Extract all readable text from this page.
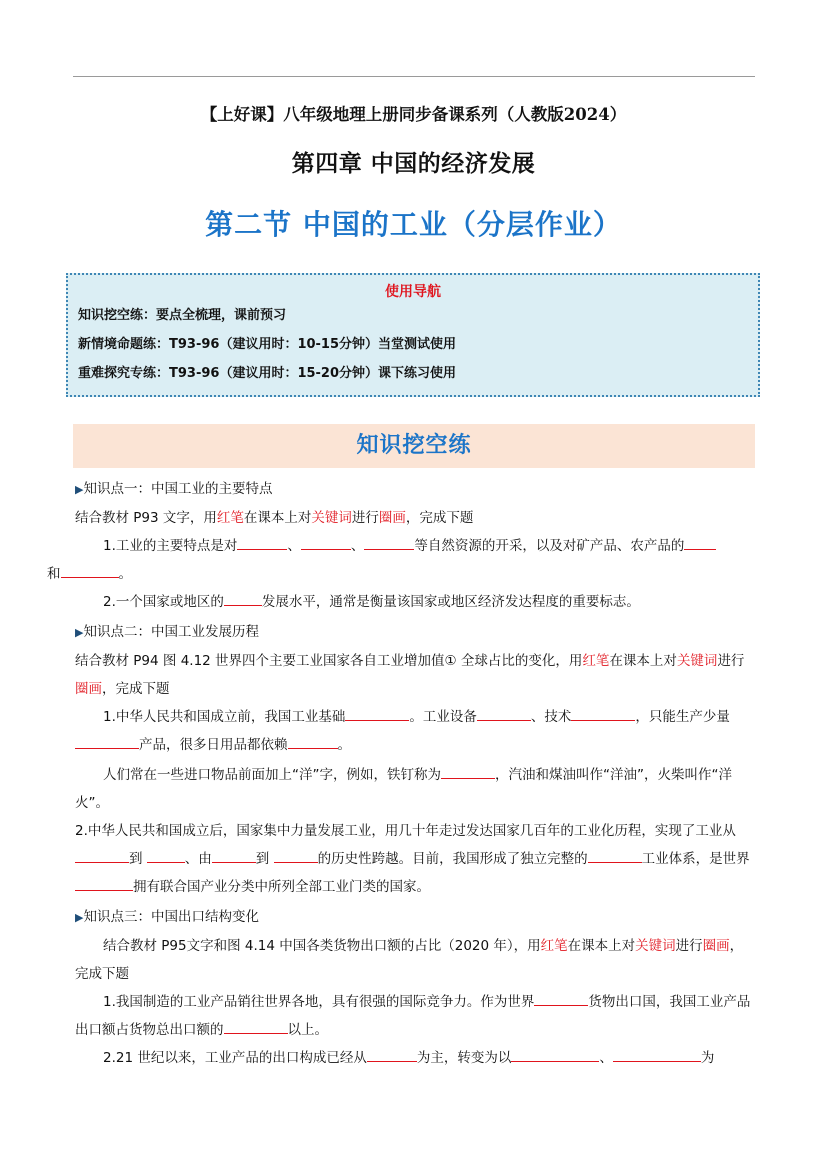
【上好课】八年级地理上册同步备课系列（人教版2024）
第四章 中国的经济发展
第二节 中国的工业（分层作业）
使用导航
知识挖空练：要点全梳理，课前预习
新情境命题练：T93-96（建议用时：10-15分钟）当堂测试使用
重难探究专练：T93-96（建议用时：15-20分钟）课下练习使用
知识挖空练

▶知识点一：中国工业的主要特点

结合教材 P93 文字，用红笔在课本上对关键词进行圈画，完成下题

1.工业的主要特点是对	、	、	等自然资源的开采，以及对矿产品、农产品的
和	。

2.一个国家或地区的	发展水平，通常是衡量该国家或地区经济发达程度的重要标志。

▶知识点二：中国工业发展历程

结合教材 P94 图 4.12 世界四个主要工业国家各自工业增加值① 全球占比的变化，用红笔在课本上对关键词进行圈画，完成下题

1.中华人民共和国成立前，我国工业基础	。工业设备	、技术	，只能生产少量

产品，很多日用品都依赖	。

人们常在一些进口物品前面加上“洋”字，例如，铁钉称为	，汽油和煤油叫作“洋油”，火柴叫作“洋火”。

2.中华人民共和国成立后，国家集中力量发展工业，用几十年走过发达国家几百年的工业化历程，实现了工业从到	、由	到	的历史性跨越。目前，我国形成了独立完整的	工业体系，是世界拥有联合国产业分类中所列全部工业门类的国家。

▶知识点三：中国出口结构变化

结合教材 P95文字和图 4.14 中国各类货物出口额的占比（2020 年），用红笔在课本上对关键词进行圈画，完成下题

1.我国制造的工业产品销往世界各地，具有很强的国际竞争力。作为世界	货物出口国，我国工业产品出口额占货物总出口额的	以上。

2.21 世纪以来，工业产品的出口构成已经从	为主，转变为以	、	为
